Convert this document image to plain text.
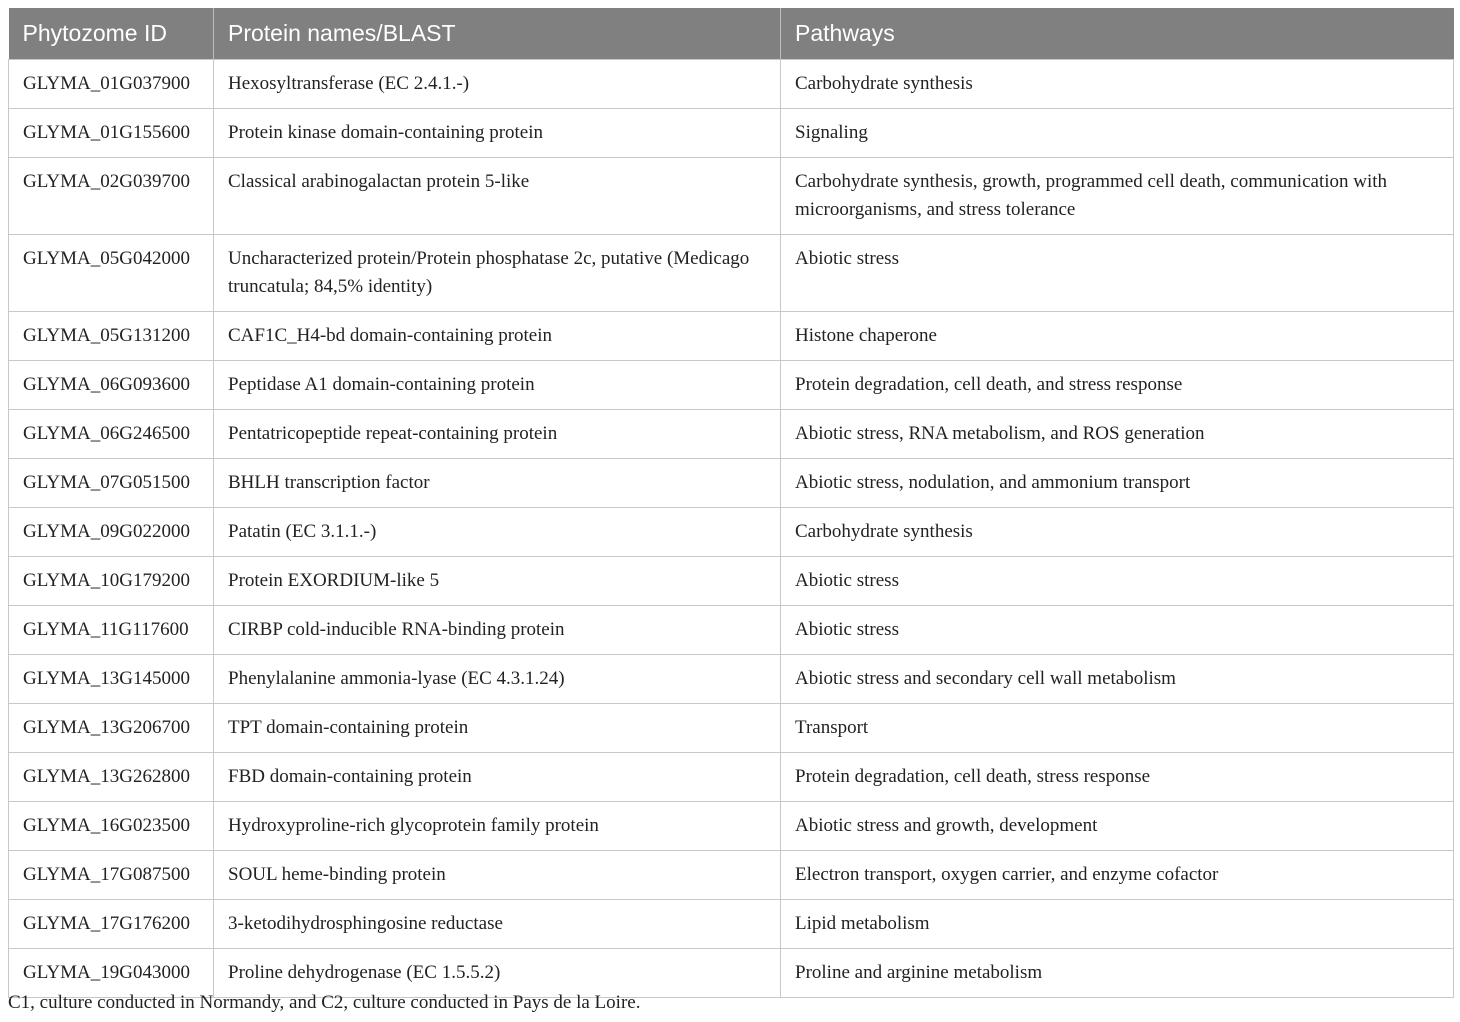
Phytozome ID	Protein names/BLAST	Pathways
GLYMA_01G037900	Hexosyltransferase (EC 2.4.1.-)	Carbohydrate synthesis
GLYMA_01G155600	Protein kinase domain-containing protein	Signaling
GLYMA_02G039700	Classical arabinogalactan protein 5-like	Carbohydrate synthesis, growth, programmed cell death, communication with microorganisms, and stress tolerance
GLYMA_05G042000	Uncharacterized protein/Protein phosphatase 2c, putative (Medicago truncatula; 84,5% identity)	Abiotic stress
GLYMA_05G131200	CAF1C_H4-bd domain-containing protein	Histone chaperone
GLYMA_06G093600	Peptidase A1 domain-containing protein	Protein degradation, cell death, and stress response
GLYMA_06G246500	Pentatricopeptide repeat-containing protein	Abiotic stress, RNA metabolism, and ROS generation
GLYMA_07G051500	BHLH transcription factor	Abiotic stress, nodulation, and ammonium transport
GLYMA_09G022000	Patatin (EC 3.1.1.-)	Carbohydrate synthesis
GLYMA_10G179200	Protein EXORDIUM-like 5	Abiotic stress
GLYMA_11G117600	CIRBP cold-inducible RNA-binding protein	Abiotic stress
GLYMA_13G145000	Phenylalanine ammonia-lyase (EC 4.3.1.24)	Abiotic stress and secondary cell wall metabolism
GLYMA_13G206700	TPT domain-containing protein	Transport
GLYMA_13G262800	FBD domain-containing protein	Protein degradation, cell death, stress response
GLYMA_16G023500	Hydroxyproline-rich glycoprotein family protein	Abiotic stress and growth, development
GLYMA_17G087500	SOUL heme-binding protein	Electron transport, oxygen carrier, and enzyme cofactor
GLYMA_17G176200	3-ketodihydrosphingosine reductase	Lipid metabolism
GLYMA_19G043000	Proline dehydrogenase (EC 1.5.5.2)	Proline and arginine metabolism
C1, culture conducted in Normandy, and C2, culture conducted in Pays de la Loire.
